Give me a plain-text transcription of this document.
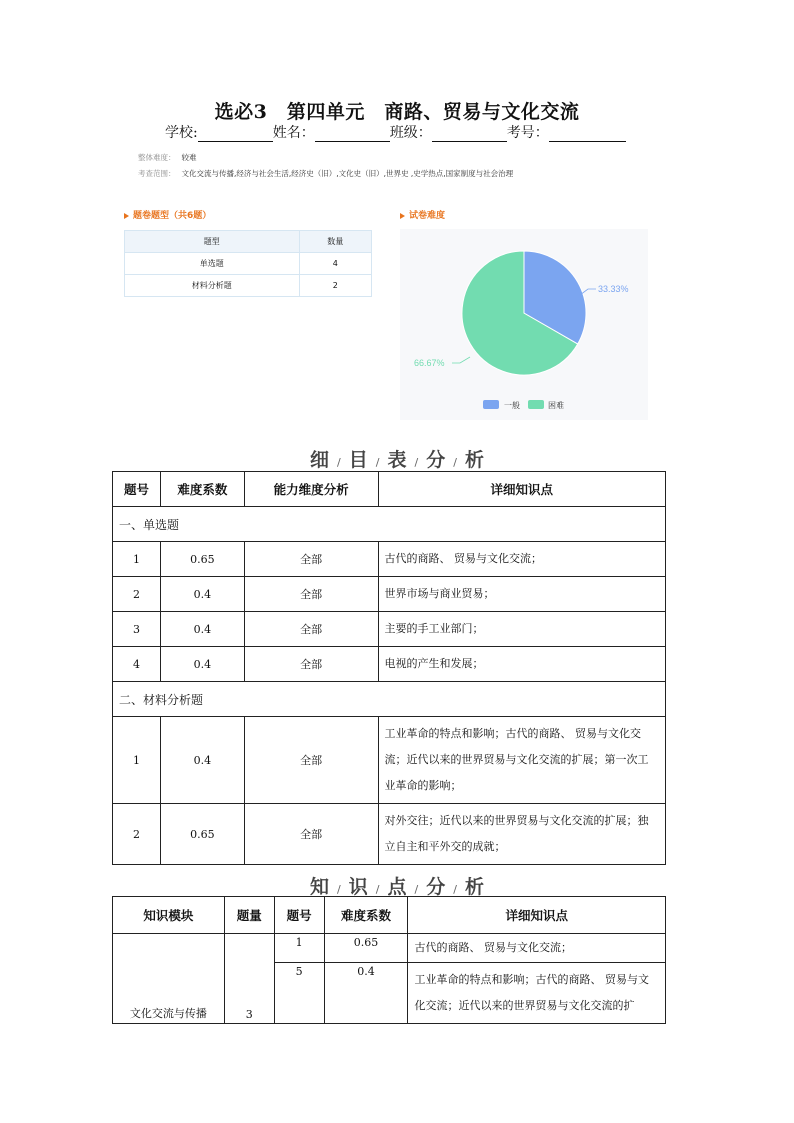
选必3　第四单元　商路、贸易与文化交流
学校:	姓名：	班级：	考号：
整体难度： 较难
考查范围： 文化交流与传播,经济与社会生活,经济史（旧）,文化史（旧）,世界史 ,史学热点,国家制度与社会治理
题卷题型（共6题）
题型	数量
单选题	4
材料分析题	2
试卷难度
33.33%
66.67%
一般	困难
细 / 目 / 表 / 分 / 析
题号	难度系数	能力维度分析	详细知识点
一、单选题			
1	0.65	全部	古代的商路、 贸易与文化交流；
2	0.4	全部	世界市场与商业贸易；
3	0.4	全部	主要的手工业部门；
4	0.4	全部	电视的产生和发展；
二、材料分析题			
1	0.4	全部	工业革命的特点和影响；古代的商路、 贸易与文化交流；近代以来的世界贸易与文化交流的扩展；第一次工业革命的影响；
2	0.65	全部	对外交往；近代以来的世界贸易与文化交流的扩展；独立自主和平外交的成就；
知 / 识 / 点 / 分 / 析
知识模块	题量	题号	难度系数	详细知识点
文化交流与传播	3	1	0.65	古代的商路、 贸易与文化交流；
		5	0.4	工业革命的特点和影响；古代的商路、 贸易与文化交流；近代以来的世界贸易与文化交流的扩
